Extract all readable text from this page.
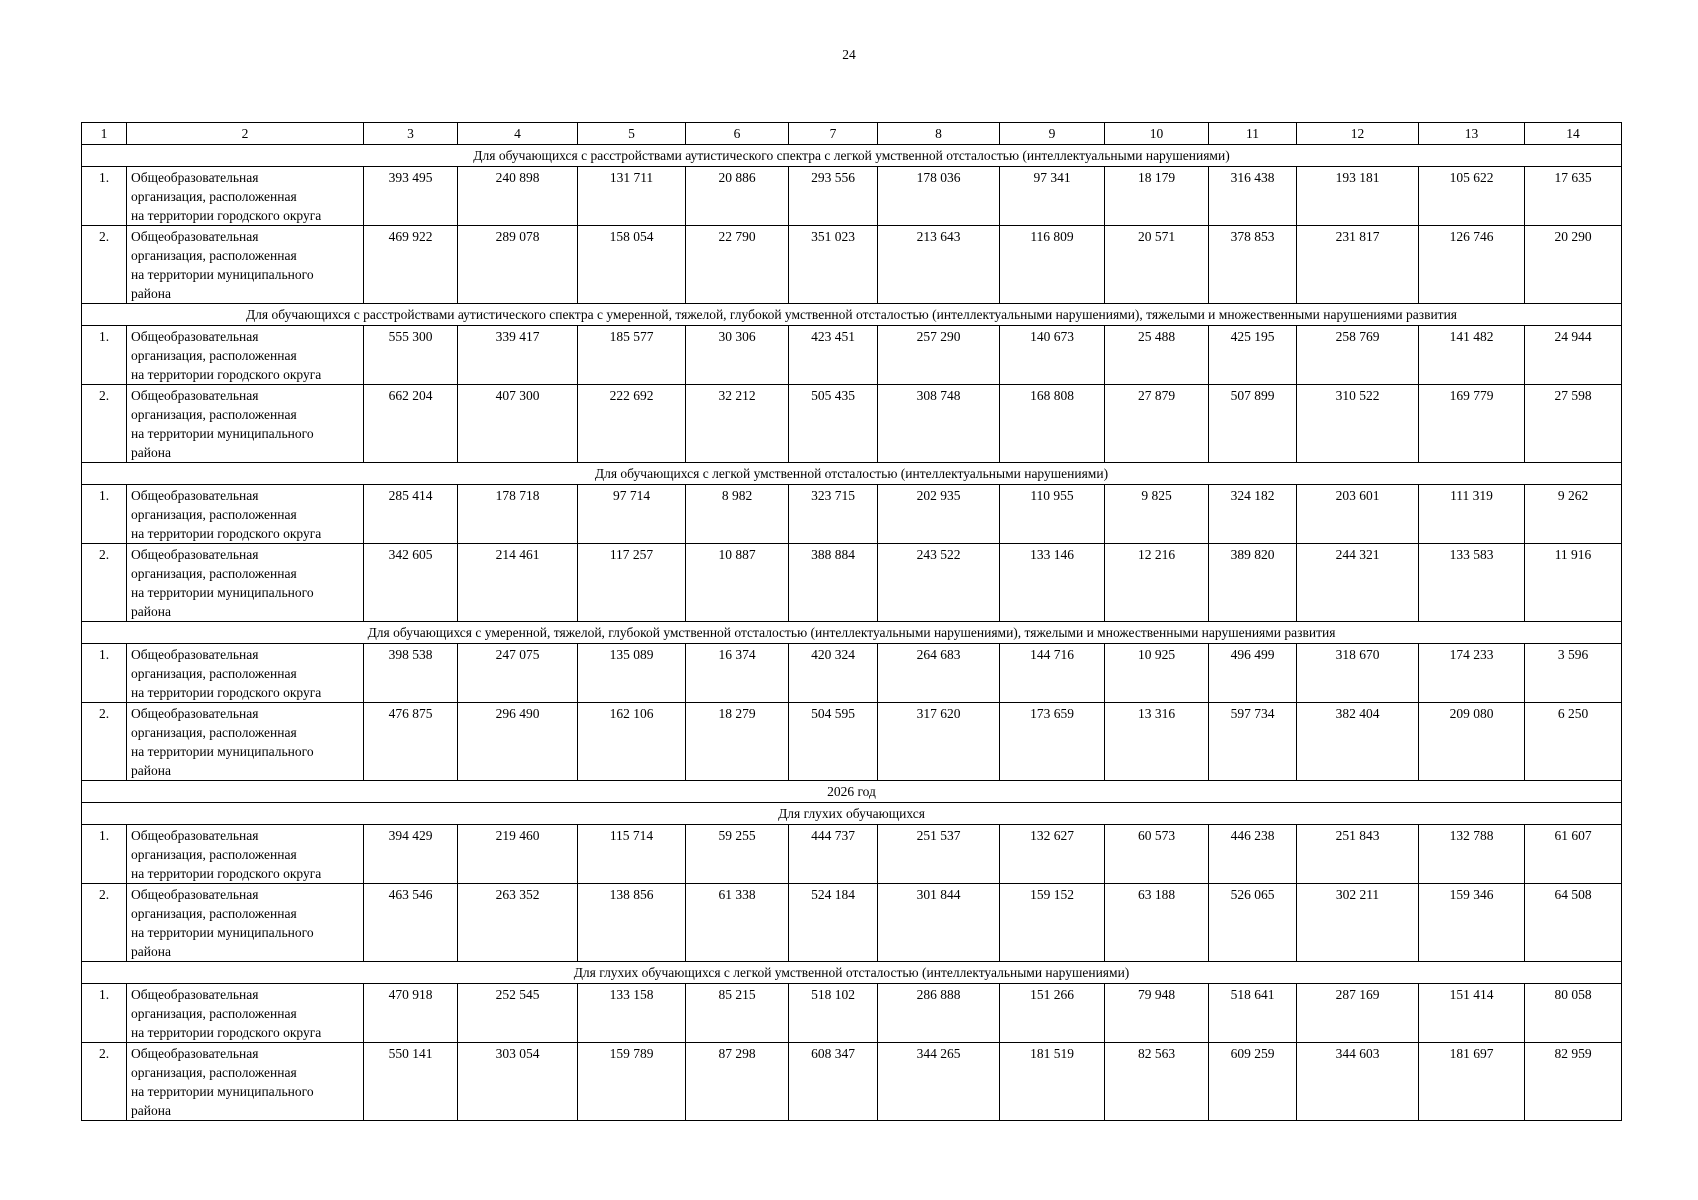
24
1	2	3	4	5	6	7	8	9	10	11	12	13	14
Для обучающихся с расстройствами аутистического спектра с легкой умственной отсталостью (интеллектуальными нарушениями)													
1.	Общеобразовательная
организация, расположенная
на территории городского округа	393 495	240 898	131 711	20 886	293 556	178 036	97 341	18 179	316 438	193 181	105 622	17 635
2.	Общеобразовательная
организация, расположенная
на территории муниципального
района	469 922	289 078	158 054	22 790	351 023	213 643	116 809	20 571	378 853	231 817	126 746	20 290
Для обучающихся с расстройствами аутистического спектра с умеренной, тяжелой, глубокой умственной отсталостью (интеллектуальными нарушениями), тяжелыми и множественными нарушениями развития													
1.	Общеобразовательная
организация, расположенная
на территории городского округа	555 300	339 417	185 577	30 306	423 451	257 290	140 673	25 488	425 195	258 769	141 482	24 944
2.	Общеобразовательная
организация, расположенная
на территории муниципального
района	662 204	407 300	222 692	32 212	505 435	308 748	168 808	27 879	507 899	310 522	169 779	27 598
Для обучающихся с легкой умственной отсталостью (интеллектуальными нарушениями)													
1.	Общеобразовательная
организация, расположенная
на территории городского округа	285 414	178 718	97 714	8 982	323 715	202 935	110 955	9 825	324 182	203 601	111 319	9 262
2.	Общеобразовательная
организация, расположенная
на территории муниципального
района	342 605	214 461	117 257	10 887	388 884	243 522	133 146	12 216	389 820	244 321	133 583	11 916
Для обучающихся с умеренной, тяжелой, глубокой умственной отсталостью (интеллектуальными нарушениями), тяжелыми и множественными нарушениями развития													
1.	Общеобразовательная
организация, расположенная
на территории городского округа	398 538	247 075	135 089	16 374	420 324	264 683	144 716	10 925	496 499	318 670	174 233	3 596
2.	Общеобразовательная
организация, расположенная
на территории муниципального
района	476 875	296 490	162 106	18 279	504 595	317 620	173 659	13 316	597 734	382 404	209 080	6 250
2026 год													
Для глухих обучающихся													
1.	Общеобразовательная
организация, расположенная
на территории городского округа	394 429	219 460	115 714	59 255	444 737	251 537	132 627	60 573	446 238	251 843	132 788	61 607
2.	Общеобразовательная
организация, расположенная
на территории муниципального
района	463 546	263 352	138 856	61 338	524 184	301 844	159 152	63 188	526 065	302 211	159 346	64 508
Для глухих обучающихся с легкой умственной отсталостью (интеллектуальными нарушениями)													
1.	Общеобразовательная
организация, расположенная
на территории городского округа	470 918	252 545	133 158	85 215	518 102	286 888	151 266	79 948	518 641	287 169	151 414	80 058
2.	Общеобразовательная
организация, расположенная
на территории муниципального
района	550 141	303 054	159 789	87 298	608 347	344 265	181 519	82 563	609 259	344 603	181 697	82 959
